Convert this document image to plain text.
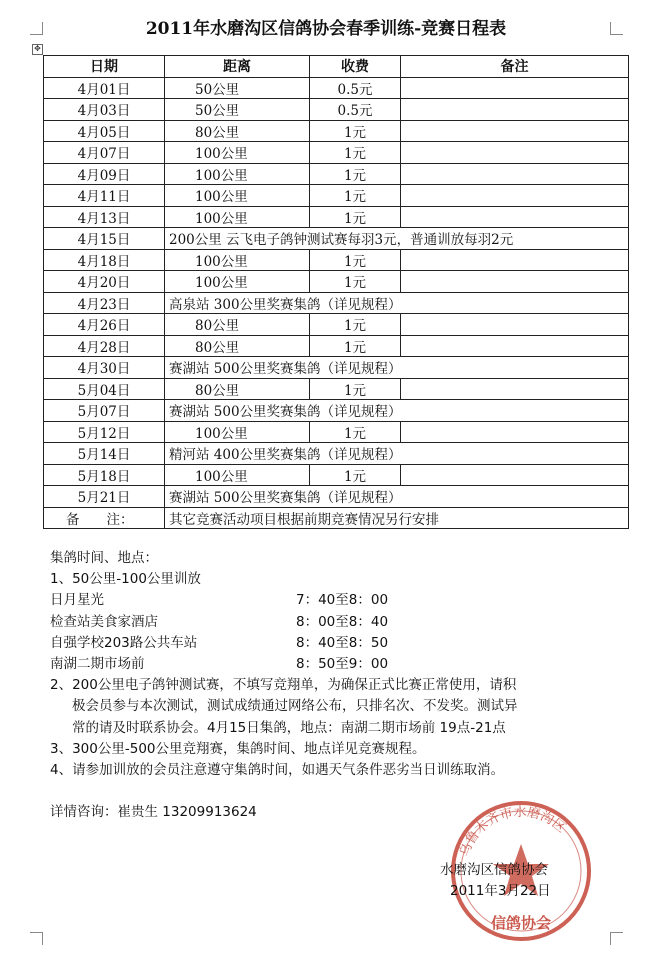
2011年水磨沟区信鸽协会春季训练-竞赛日程表
✥
日期	距离	收费	备注
4月01日	50公里	0.5元	
4月03日	50公里	0.5元	
4月05日	80公里	1元	
4月07日	100公里	1元	
4月09日	100公里	1元	
4月11日	100公里	1元	
4月13日	100公里	1元	
4月15日	200公里 云飞电子鸽钟测试赛每羽3元，普通训放每羽2元		
4月18日	100公里	1元	
4月20日	100公里	1元	
4月23日	高泉站 300公里奖赛集鸽（详见规程）		
4月26日	80公里	1元	
4月28日	80公里	1元	
4月30日	赛湖站 500公里奖赛集鸽（详见规程）		
5月04日	80公里	1元	
5月07日	赛湖站 500公里奖赛集鸽（详见规程）		
5月12日	100公里	1元	
5月14日	精河站 400公里奖赛集鸽（详见规程）		
5月18日	100公里	1元	
5月21日	赛湖站 500公里奖赛集鸽（详见规程）		
备　　注：	其它竞赛活动项目根据前期竞赛情况另行安排		
集鸽时间、地点：
1、50公里-100公里训放
日月星光	7：40至8：00
检查站美食家酒店	8：00至8：40
自强学校203路公共车站	8：40至8：50
南湖二期市场前	8：50至9：00
2、200公里电子鸽钟测试赛，不填写竞翔单，为确保正式比赛正常使用，请积
极会员参与本次测试，测试成绩通过网络公布，只排名次、不发奖。测试异
常的请及时联系协会。4月15日集鸽，地点：南湖二期市场前 19点-21点
3、300公里-500公里竞翔赛，集鸽时间、地点详见竞赛规程。
4、请参加训放的会员注意遵守集鸽时间，如遇天气条件恶劣当日训练取消。
详情咨询：崔贵生 13209913624
乌鲁木齐市水磨沟区
信鸽协会
水磨沟区信鸽协会
2011年3月22日
